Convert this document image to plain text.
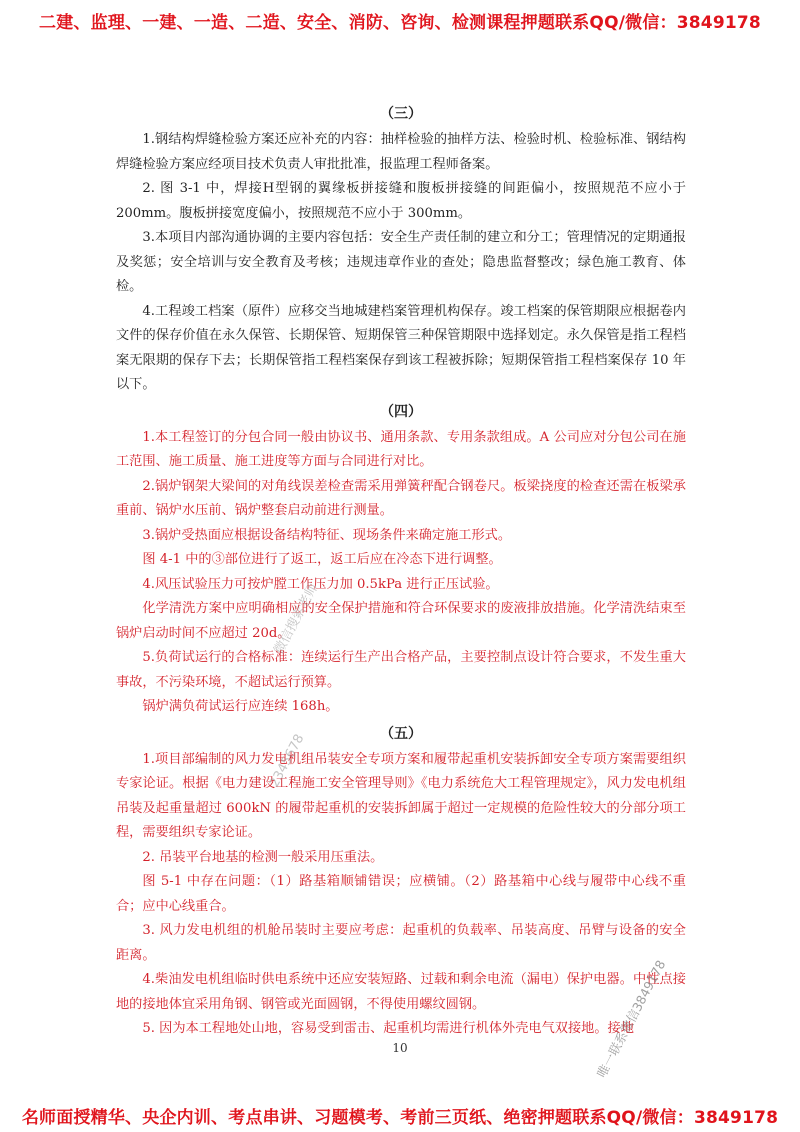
二建、监理、一建、一造、二造、安全、消防、咨询、检测课程押题联系QQ/微信：3849178
（三）

1.钢结构焊缝检验方案还应补充的内容：抽样检验的抽样方法、检验时机、检验标准、钢结构焊缝检验方案应经项目技术负责人审批批准，报监理工程师备案。

2. 图 3-1 中，焊接H型钢的翼缘板拼接缝和腹板拼接缝的间距偏小，按照规范不应小于 200mm。腹板拼接宽度偏小，按照规范不应小于 300mm。

3.本项目内部沟通协调的主要内容包括：安全生产责任制的建立和分工；管理情况的定期通报及奖惩；安全培训与安全教育及考核；违规违章作业的查处；隐患监督整改；绿色施工教育、体检。

4.工程竣工档案（原件）应移交当地城建档案管理机构保存。竣工档案的保管期限应根据卷内文件的保存价值在永久保管、长期保管、短期保管三种保管期限中选择划定。永久保管是指工程档案无限期的保存下去；长期保管指工程档案保存到该工程被拆除；短期保管指工程档案保存 10 年以下。

（四）

1.本工程签订的分包合同一般由协议书、通用条款、专用条款组成。A 公司应对分包公司在施工范围、施工质量、施工进度等方面与合同进行对比。

2.锅炉钢架大梁间的对角线误差检查需采用弹簧秤配合钢卷尺。板梁挠度的检查还需在板梁承重前、锅炉水压前、锅炉整套启动前进行测量。

3.锅炉受热面应根据设备结构特征、现场条件来确定施工形式。

图 4-1 中的③部位进行了返工，返工后应在冷态下进行调整。

4.风压试验压力可按炉膛工作压力加 0.5kPa 进行正压试验。

化学清洗方案中应明确相应的安全保护措施和符合环保要求的废液排放措施。化学清洗结束至锅炉启动时间不应超过 20d。

5.负荷试运行的合格标准：连续运行生产出合格产品，主要控制点设计符合要求，不发生重大事故，不污染环境，不超试运行预算。

锅炉满负荷试运行应连续 168h。

（五）

1.项目部编制的风力发电机组吊装安全专项方案和履带起重机安装拆卸安全专项方案需要组织专家论证。根据《电力建设工程施工安全管理导则》《电力系统危大工程管理规定》，风力发电机组吊装及起重量超过 600kN 的履带起重机的安装拆卸属于超过一定规模的危险性较大的分部分项工程，需要组织专家论证。

2. 吊装平台地基的检测一般采用压重法。

图 5-1 中存在问题：（1）路基箱顺铺错误；应横铺。（2）路基箱中心线与履带中心线不重合；应中心线重合。

3. 风力发电机组的机舱吊装时主要应考虑：起重机的负载率、吊装高度、吊臂与设备的安全距离。

4.柴油发电机组临时供电系统中还应安装短路、过载和剩余电流（漏电）保护电器。中性点接地的接地体宜采用角钢、钢管或光面圆钢，不得使用螺纹圆钢。

5. 因为本工程地处山地，容易受到雷击、起重机均需进行机体外壳电气双接地。接地

微信搜索老师
2345678
唯一联系微信3849178
10
名师面授精华、央企内训、考点串讲、习题模考、考前三页纸、绝密押题联系QQ/微信：3849178
